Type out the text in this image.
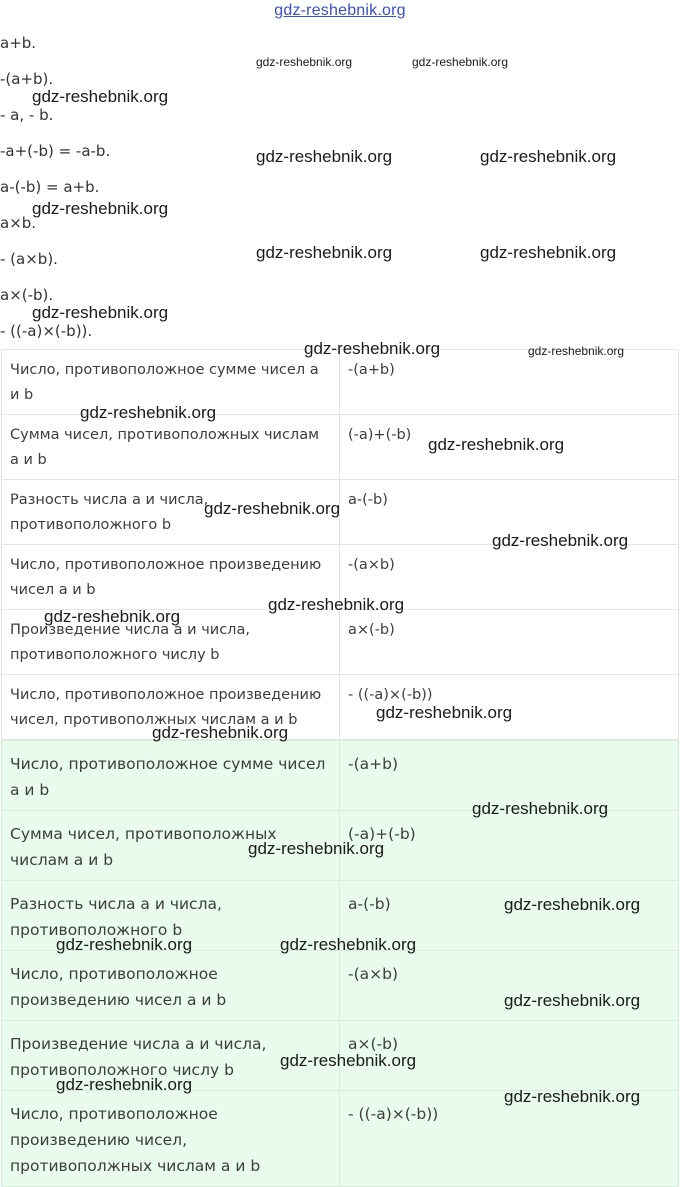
gdz-reshebnik.org
a+b.
-(a+b).
- a, - b.
-a+(-b) = -a-b.
a-(-b) = a+b.
a×b.
- (a×b).
a×(-b).
- ((-a)×(-b)).
Число, противоположное сумме чисел а и b	-(a+b)
Сумма чисел, противоположных числам а и b	(-a)+(-b)
Разность числа а и числа, противоположного b	a-(-b)
Число, противоположное произведению чисел а и b	-(a×b)
Произведение числа а и числа, противоположного числу b	a×(-b)
Число, противоположное произведению чисел, противополжных числам а и b	- ((-a)×(-b))
Число, противоположное сумме чисел а и b	-(a+b)
Сумма чисел, противоположных числам а и b	(-a)+(-b)
Разность числа а и числа, противоположного b	a-(-b)
Число, противоположное произведению чисел а и b	-(a×b)
Произведение числа а и числа, противоположного числу b	a×(-b)
Число, противоположное произведению чисел, противополжных числам а и b	- ((-a)×(-b))
gdz-reshebnik.org	gdz-reshebnik.org
gdz-reshebnik.org
gdz-reshebnik.org	gdz-reshebnik.org
gdz-reshebnik.org
gdz-reshebnik.org	gdz-reshebnik.org
gdz-reshebnik.org
gdz-reshebnik.org	gdz-reshebnik.org
gdz-reshebnik.org
gdz-reshebnik.org
gdz-reshebnik.org
gdz-reshebnik.org
gdz-reshebnik.org
gdz-reshebnik.org
gdz-reshebnik.org
gdz-reshebnik.org
gdz-reshebnik.org
gdz-reshebnik.org
gdz-reshebnik.org
gdz-reshebnik.org	gdz-reshebnik.org
gdz-reshebnik.org
gdz-reshebnik.org
gdz-reshebnik.org
gdz-reshebnik.org
